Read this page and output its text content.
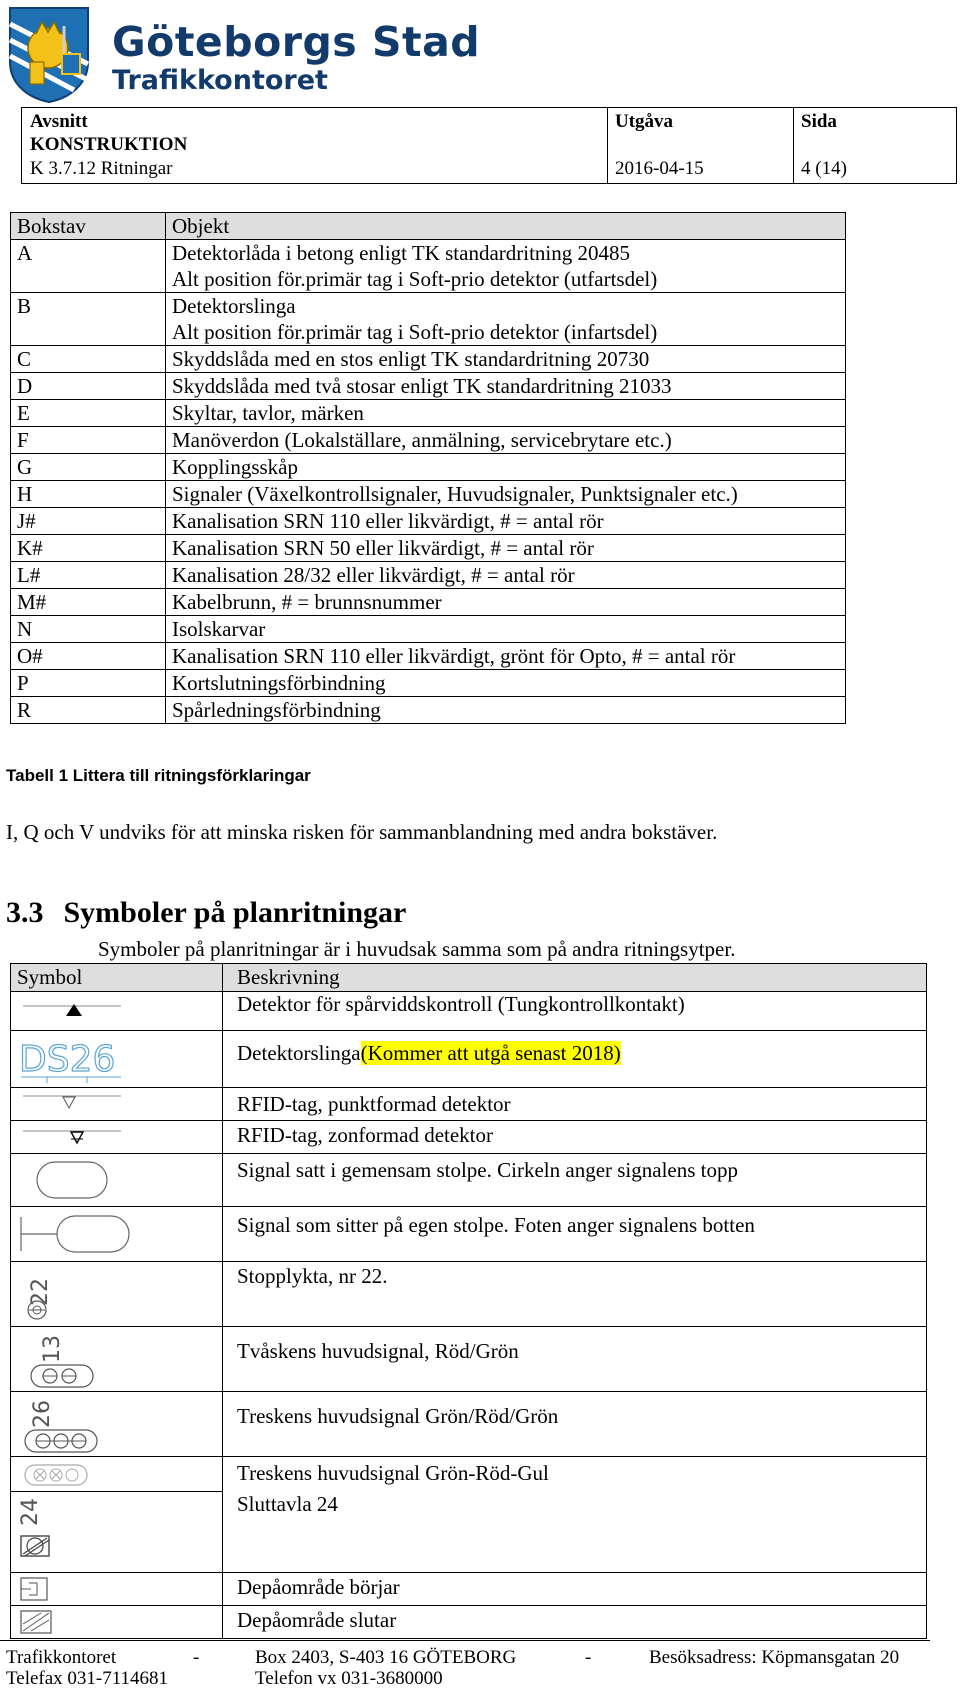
Göteborgs Stad
Trafikkontoret
Avsnitt
KONSTRUKTION
K 3.7.12 Ritningar
Utgåva
2016-04-15
Sida
4 (14)
Bokstav	Objekt
A	Detektorlåda i betong enligt TK standardritning 20485
Alt position för.primär tag i Soft-prio detektor (utfartsdel)

B	Detektorslinga
Alt position för.primär tag i Soft-prio detektor (infartsdel)

C	Skyddslåda med en stos enligt TK standardritning 20730

D	Skyddslåda med två stosar enligt TK standardritning 21033

E	Skyltar, tavlor, märken

F	Manöverdon (Lokalställare, anmälning, servicebrytare etc.)

G	Kopplingsskåp

H	Signaler (Växelkontrollsignaler, Huvudsignaler, Punktsignaler etc.)

J#	Kanalisation SRN 110 eller likvärdigt, # = antal rör

K#	Kanalisation SRN 50 eller likvärdigt, # = antal rör

L#	Kanalisation 28/32 eller likvärdigt, # = antal rör

M#	Kabelbrunn, # = brunnsnummer

N	Isolskarvar

O#	Kanalisation SRN 110 eller likvärdigt, grönt för Opto, # = antal rör

P	Kortslutningsförbindning

R	Spårledningsförbindning
Tabell 1 Littera till ritningsförklaringar
I, Q och V undviks för att minska risken för sammanblandning med andra bokstäver.
3.3 Symboler på planritningar
Symboler på planritningar är i huvudsak samma som på andra ritningsytper.
Symbol	Beskrivning

	Detektor för spårviddskontroll (Tungkontrollkontakt)

DS26	Detektorslinga(Kommer att utgå senast 2018)

	RFID-tag, punktformad detektor

	RFID-tag, zonformad detektor

	Signal satt i gemensam stolpe. Cirkeln anger signalens topp

	Signal som sitter på egen stolpe. Foten anger signalens botten

22	Stopplykta, nr 22.

13	Tvåskens huvudsignal, Röd/Grön

26	Treskens huvudsignal Grön/Röd/Grön

	Treskens huvudsignal Grön-Röd-Gul

24	Sluttavla 24

	Depåområde börjar

	Depåområde slutar
Trafikkontoret	-	Box 2403, S-403 16 GÖTEBORG	-	Besöksadress: Köpmansgatan 20
Telefax 031-7114681	Telefon vx 031-3680000
